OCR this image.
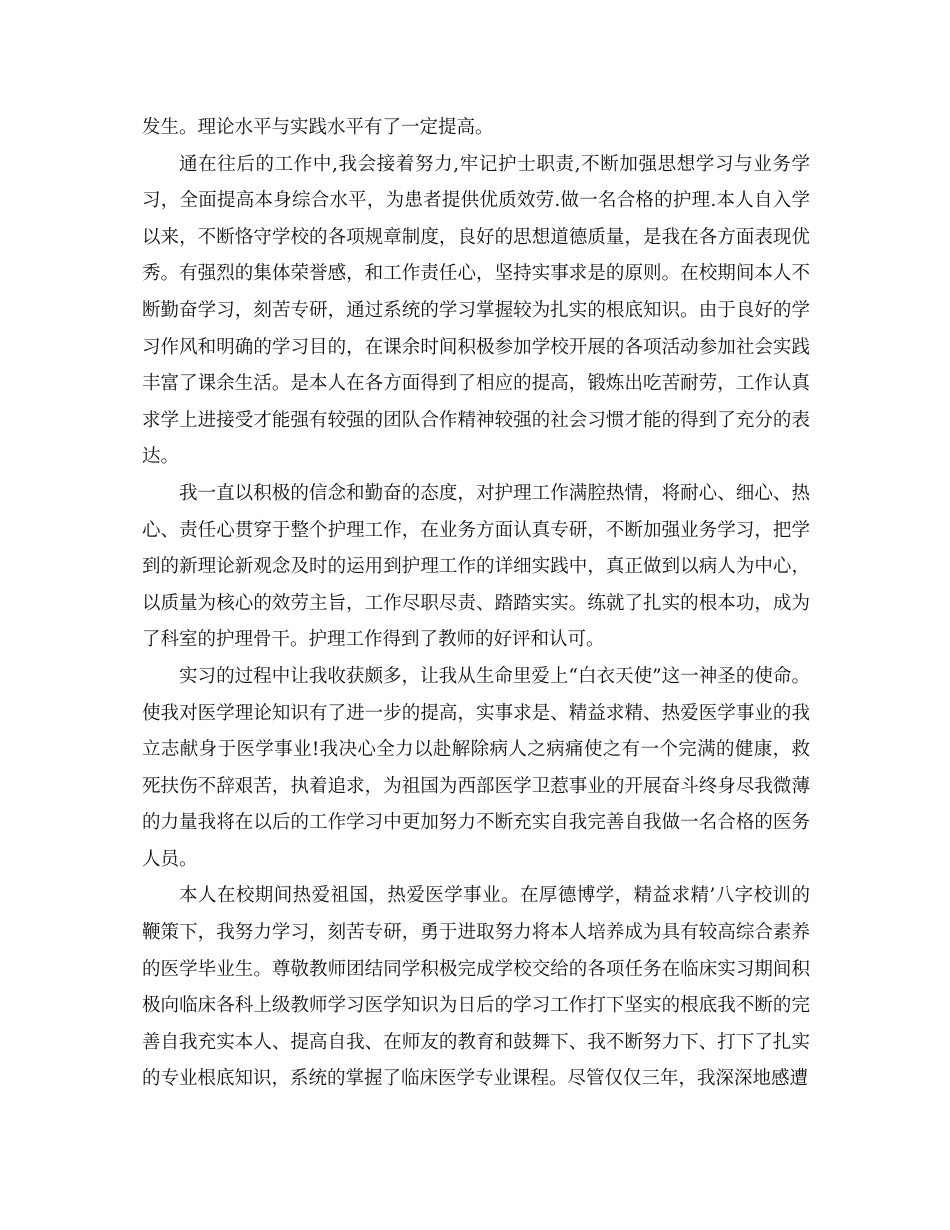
发生。理论水平与实践水平有了一定提高。

通在往后的工作中,我会接着努力,牢记护士职责,不断加强思想学习与业务学习，全面提高本身综合水平，为患者提供优质效劳.做一名合格的护理.本人自入学以来，不断恪守学校的各项规章制度，良好的思想道德质量，是我在各方面表现优秀。有强烈的集体荣誉感，和工作责任心，坚持实事求是的原则。在校期间本人不断勤奋学习，刻苦专研，通过系统的学习掌握较为扎实的根底知识。由于良好的学习作风和明确的学习目的，在课余时间积极参加学校开展的各项活动参加社会实践丰富了课余生活。是本人在各方面得到了相应的提高，锻炼出吃苦耐劳，工作认真求学上进接受才能强有较强的团队合作精神较强的社会习惯才能的得到了充分的表达。

我一直以积极的信念和勤奋的态度，对护理工作满腔热情，将耐心、细心、热心、责任心贯穿于整个护理工作，在业务方面认真专研，不断加强业务学习，把学到的新理论新观念及时的运用到护理工作的详细实践中，真正做到以病人为中心，以质量为核心的效劳主旨，工作尽职尽责、踏踏实实。练就了扎实的根本功，成为了科室的护理骨干。护理工作得到了教师的好评和认可。

实习的过程中让我收获颇多，让我从生命里爱上“白衣天使”这一神圣的使命。使我对医学理论知识有了进一步的提高，实事求是、精益求精、热爱医学事业的我立志献身于医学事业!我决心全力以赴解除病人之病痛使之有一个完满的健康，救死扶伤不辞艰苦，执着追求，为祖国为西部医学卫惹事业的开展奋斗终身尽我微薄的力量我将在以后的工作学习中更加努力不断充实自我完善自我做一名合格的医务人员。

本人在校期间热爱祖国，热爱医学事业。在厚德博学，精益求精’八字校训的鞭策下，我努力学习，刻苦专研，勇于进取努力将本人培养成为具有较高综合素养的医学毕业生。尊敬教师团结同学积极完成学校交给的各项任务在临床实习期间积极向临床各科上级教师学习医学知识为日后的学习工作打下坚实的根底我不断的完善自我充实本人、提高自我、在师友的教育和鼓舞下、我不断努力下、打下了扎实的专业根底知识，系统的掌握了临床医学专业课程。尽管仅仅三年，我深深地感遭
